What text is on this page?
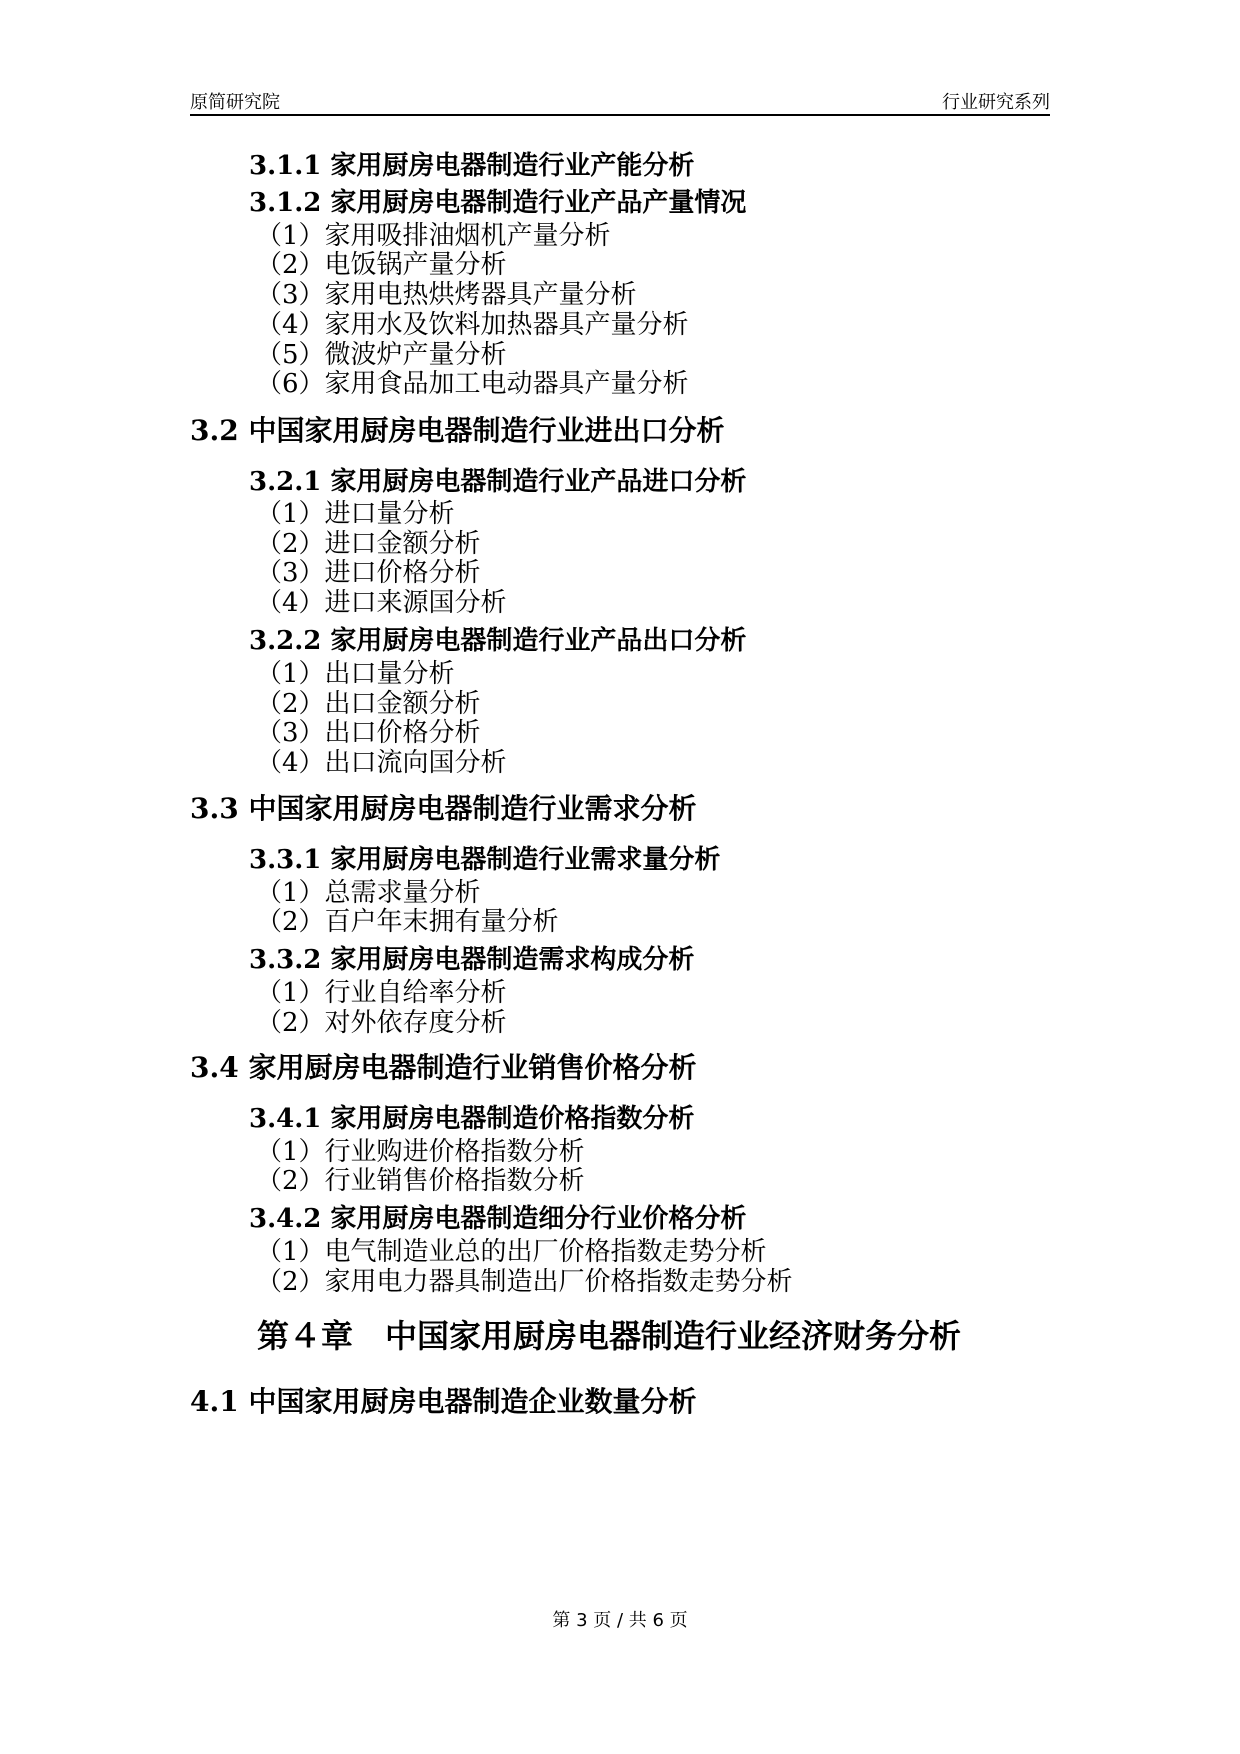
原简研究院	行业研究系列
3.1.1 家用厨房电器制造行业产能分析
3.1.2 家用厨房电器制造行业产品产量情况
（1）家用吸排油烟机产量分析
（2）电饭锅产量分析
（3）家用电热烘烤器具产量分析
（4）家用水及饮料加热器具产量分析
（5）微波炉产量分析
（6）家用食品加工电动器具产量分析
3.2 中国家用厨房电器制造行业进出口分析
3.2.1 家用厨房电器制造行业产品进口分析
（1）进口量分析
（2）进口金额分析
（3）进口价格分析
（4）进口来源国分析
3.2.2 家用厨房电器制造行业产品出口分析
（1）出口量分析
（2）出口金额分析
（3）出口价格分析
（4）出口流向国分析
3.3 中国家用厨房电器制造行业需求分析
3.3.1 家用厨房电器制造行业需求量分析
（1）总需求量分析
（2）百户年末拥有量分析
3.3.2 家用厨房电器制造需求构成分析
（1）行业自给率分析
（2）对外依存度分析
3.4 家用厨房电器制造行业销售价格分析
3.4.1 家用厨房电器制造价格指数分析
（1）行业购进价格指数分析
（2）行业销售价格指数分析
3.4.2 家用厨房电器制造细分行业价格分析
（1）电气制造业总的出厂价格指数走势分析
（2）家用电力器具制造出厂价格指数走势分析
第４章　中国家用厨房电器制造行业经济财务分析
4.1 中国家用厨房电器制造企业数量分析
第 3 页 / 共 6 页
